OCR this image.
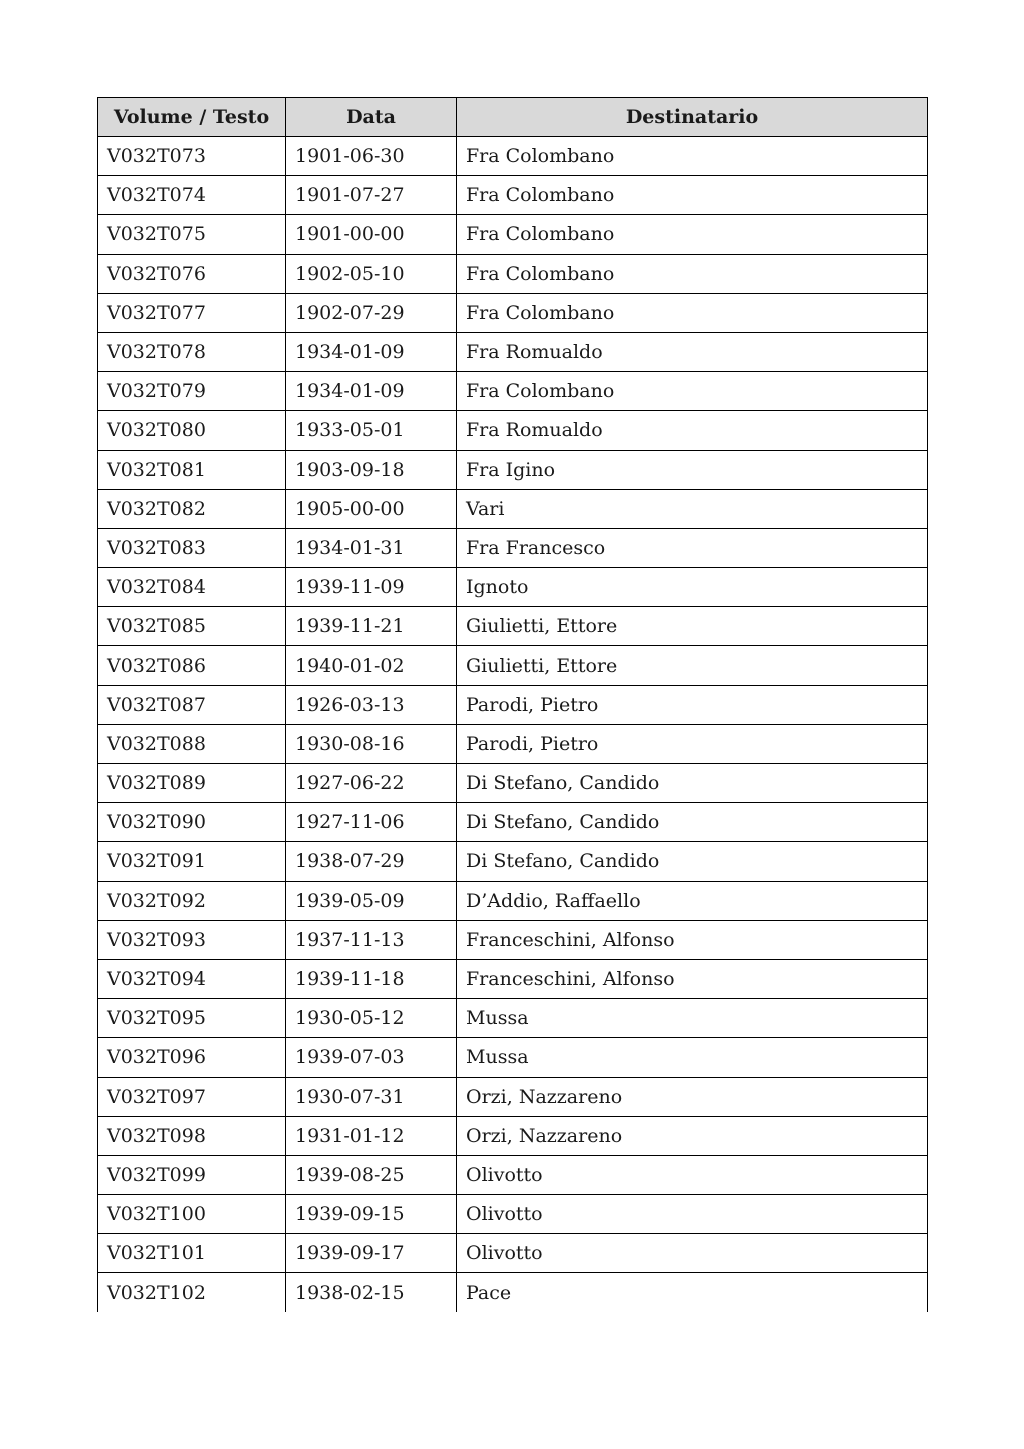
Volume / Testo	Data	Destinatario
V032T073	1901-06-30	Fra Colombano
V032T074	1901-07-27	Fra Colombano
V032T075	1901-00-00	Fra Colombano
V032T076	1902-05-10	Fra Colombano
V032T077	1902-07-29	Fra Colombano
V032T078	1934-01-09	Fra Romualdo
V032T079	1934-01-09	Fra Colombano
V032T080	1933-05-01	Fra Romualdo
V032T081	1903-09-18	Fra Igino
V032T082	1905-00-00	Vari
V032T083	1934-01-31	Fra Francesco
V032T084	1939-11-09	Ignoto
V032T085	1939-11-21	Giulietti, Ettore
V032T086	1940-01-02	Giulietti, Ettore
V032T087	1926-03-13	Parodi, Pietro
V032T088	1930-08-16	Parodi, Pietro
V032T089	1927-06-22	Di Stefano, Candido
V032T090	1927-11-06	Di Stefano, Candido
V032T091	1938-07-29	Di Stefano, Candido
V032T092	1939-05-09	D’Addio, Raffaello
V032T093	1937-11-13	Franceschini, Alfonso
V032T094	1939-11-18	Franceschini, Alfonso
V032T095	1930-05-12	Mussa
V032T096	1939-07-03	Mussa
V032T097	1930-07-31	Orzi, Nazzareno
V032T098	1931-01-12	Orzi, Nazzareno
V032T099	1939-08-25	Olivotto
V032T100	1939-09-15	Olivotto
V032T101	1939-09-17	Olivotto
V032T102	1938-02-15	Pace
